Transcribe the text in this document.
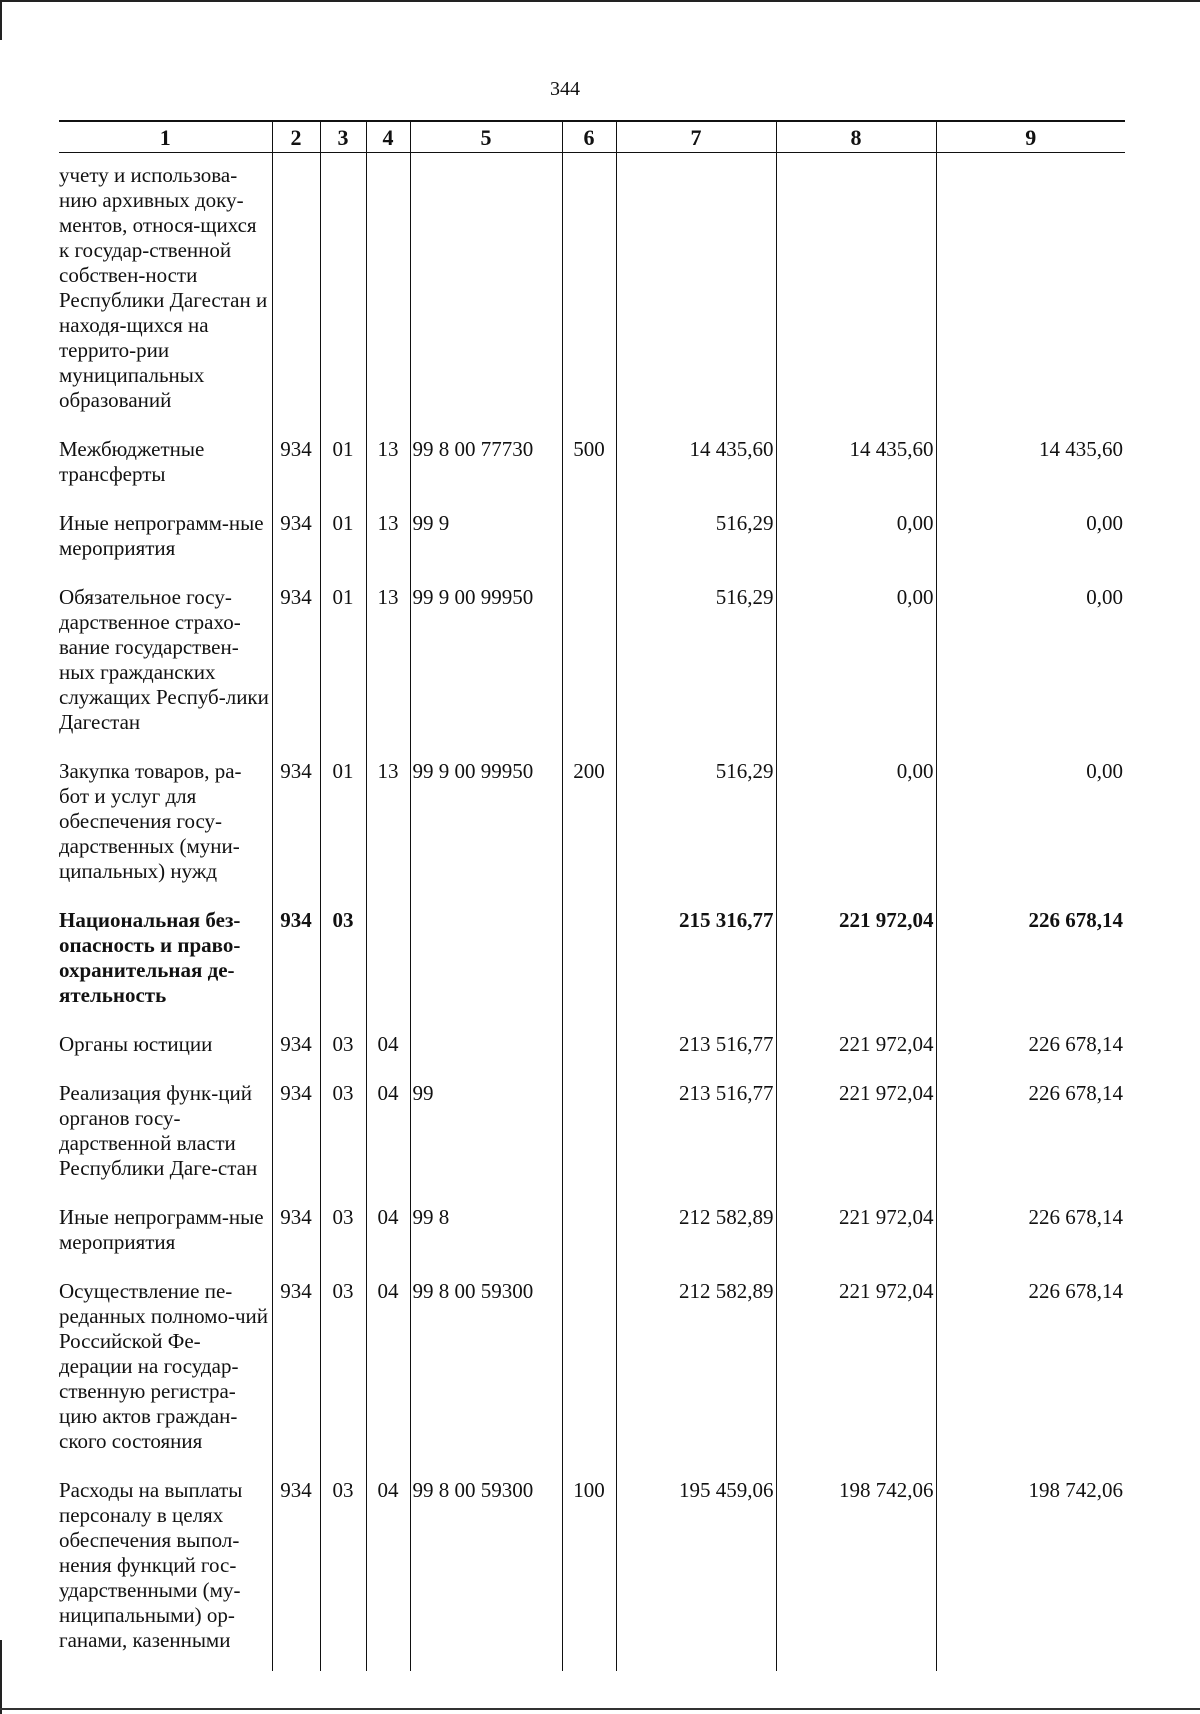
344
1	2	3	4	5	6	7	8	9

учету и использова-нию архивных доку-ментов, относя-щихся к государ-ственной собствен-ности Республики Дагестан и находя-щихся на террито-рии муниципальных образований								

Межбюджетные трансферты	934	01	13	99 8 00 77730	500	14 435,60	14 435,60	14 435,60

Иные непрограмм-ные мероприятия	934	01	13	99 9		516,29	0,00	0,00

Обязательное госу-дарственное страхо-вание государствен-ных гражданских служащих Респуб-лики Дагестан	934	01	13	99 9 00 99950		516,29	0,00	0,00

Закупка товаров, ра-бот и услуг для обеспечения госу-дарственных (муни-ципальных) нужд	934	01	13	99 9 00 99950	200	516,29	0,00	0,00

Национальная без-опасность и право-охранительная де-ятельность	934	03				215 316,77	221 972,04	226 678,14

Органы юстиции	934	03	04			213 516,77	221 972,04	226 678,14

Реализация функ-ций органов госу-дарственной власти Республики Даге-стан	934	03	04	99		213 516,77	221 972,04	226 678,14

Иные непрограмм-ные мероприятия	934	03	04	99 8		212 582,89	221 972,04	226 678,14

Осуществление пе-реданных полномо-чий Российской Фе-дерации на государ-ственную регистра-цию актов граждан-ского состояния	934	03	04	99 8 00 59300		212 582,89	221 972,04	226 678,14

Расходы на выплаты персоналу в целях обеспечения выпол-нения функций гос-ударственными (му-ниципальными) ор-ганами, казенными	934	03	04	99 8 00 59300	100	195 459,06	198 742,06	198 742,06
